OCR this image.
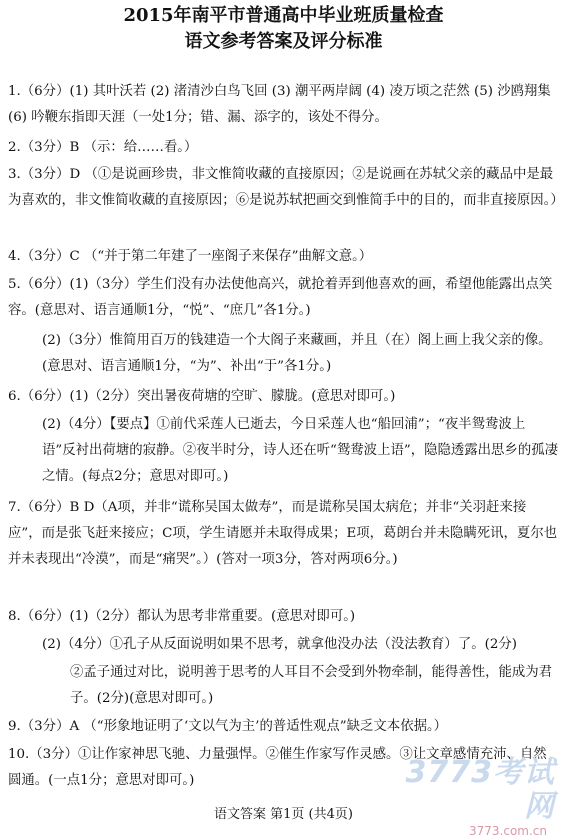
2015年南平市普通高中毕业班质量检查
语文参考答案及评分标准
1.（6分）(1) 其叶沃若 (2) 渚清沙白鸟飞回 (3) 潮平两岸阔 (4) 凌万顷之茫然 (5) 沙鸥翔集 (6) 吟鞭东指即天涯（一处1分；错、漏、添字的，该处不得分。
2.（3分）B （示：给……看。）
3.（3分）D （①是说画珍贵，非文惟简收藏的直接原因；②是说画在苏轼父亲的藏品中是最为喜欢的，非文惟简收藏的直接原因；⑥是说苏轼把画交到惟简手中的目的，而非直接原因。）
4.（3分）C （“并于第二年建了一座阁子来保存”曲解文意。）
5.（6分）(1)（3分）学生们没有办法使他高兴，就抢着弄到他喜欢的画，希望他能露出点笑容。(意思对、语言通顺1分，“悦”、“庶几”各1分。)
(2)（3分）惟简用百万的钱建造一个大阁子来藏画，并且（在）阁上画上我父亲的像。(意思对、语言通顺1分，“为”、补出“于”各1分。)
6.（6分）(1)（2分）突出暑夜荷塘的空旷、朦胧。(意思对即可。)
(2)（4分）【要点】①前代采莲人已逝去，今日采莲人也“船回浦”；“夜半鸳鸯波上语”反衬出荷塘的寂静。②夜半时分，诗人还在听“鸳鸯波上语”，隐隐透露出思乡的孤凄之情。(每点2分；意思对即可。)
7.（6分）B D（A项，并非“谎称吴国太做寿”，而是谎称吴国太病危；并非“关羽赶来接应”，而是张飞赶来接应；C项，学生请愿并未取得成果；E项，葛朗台并未隐瞒死讯，夏尔也并未表现出“冷漠”，而是“痛哭”。）(答对一项3分，答对两项6分。)
8.（6分）(1)（2分）都认为思考非常重要。(意思对即可。)
(2)（4分）①孔子从反面说明如果不思考，就拿他没办法（没法教育）了。(2分)
②孟子通过对比，说明善于思考的人耳目不会受到外物牵制，能得善性，能成为君子。(2分)(意思对即可。)
9.（3分）A （“形象地证明了‘文以气为主’的普适性观点”缺乏文本依据。）
10.（3分）①让作家神思飞驰、力量强悍。②催生作家写作灵感。③让文章感情充沛、自然圆通。(一点1分；意思对即可。)	3773考试网
3773.com.cn
语文答案 第1页 (共4页)
